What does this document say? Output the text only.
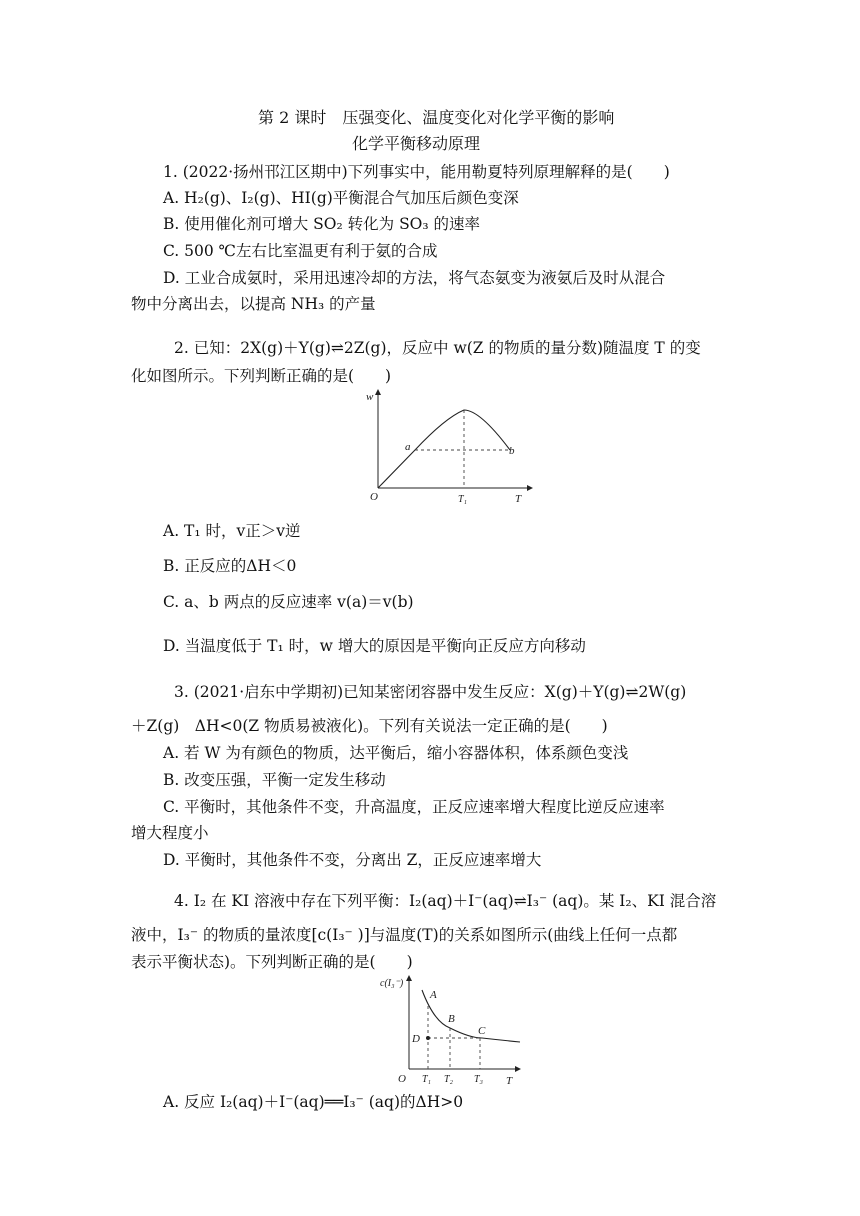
第 2 课时　压强变化、温度变化对化学平衡的影响
化学平衡移动原理
1. (2022·扬州邗江区期中)下列事实中，能用勒夏特列原理解释的是(　　)
A. H₂(g)、I₂(g)、HI(g)平衡混合气加压后颜色变深
B. 使用催化剂可增大 SO₂ 转化为 SO₃ 的速率
C. 500 ℃左右比室温更有利于氨的合成
D. 工业合成氨时，采用迅速冷却的方法，将气态氨变为液氨后及时从混合
物中分离出去，以提高 NH₃ 的产量
2. 已知：2X(g)＋Y(g)⇌2Z(g)，反应中 w(Z 的物质的量分数)随温度 T 的变
化如图所示。下列判断正确的是(　　)
w
O	T
a	b
T₁
A. T₁ 时，v正＞v逆
B. 正反应的ΔH＜0
C. a、b 两点的反应速率 v(a)＝v(b)
D. 当温度低于 T₁ 时，w 增大的原因是平衡向正反应方向移动
3. (2021·启东中学期初)已知某密闭容器中发生反应：X(g)＋Y(g)⇌2W(g)
＋Z(g)　ΔH<0(Z 物质易被液化)。下列有关说法一定正确的是(　　)
A. 若 W 为有颜色的物质，达平衡后，缩小容器体积，体系颜色变浅
B. 改变压强，平衡一定发生移动
C. 平衡时，其他条件不变，升高温度，正反应速率增大程度比逆反应速率
增大程度小
D. 平衡时，其他条件不变，分离出 Z，正反应速率增大
4. I₂ 在 KI 溶液中存在下列平衡：I₂(aq)＋I⁻(aq)⇌I₃⁻ (aq)。某 I₂、KI 混合溶
液中，I₃⁻ 的物质的量浓度[c(I₃⁻ )]与温度(T)的关系如图所示(曲线上任何一点都
表示平衡状态)。下列判断正确的是(　　)
c(I₃⁻)
O	T
A
B
C
D
T₁ T₂ T₃
A. 反应 I₂(aq)＋I⁻(aq)══I₃⁻ (aq)的ΔH>0
